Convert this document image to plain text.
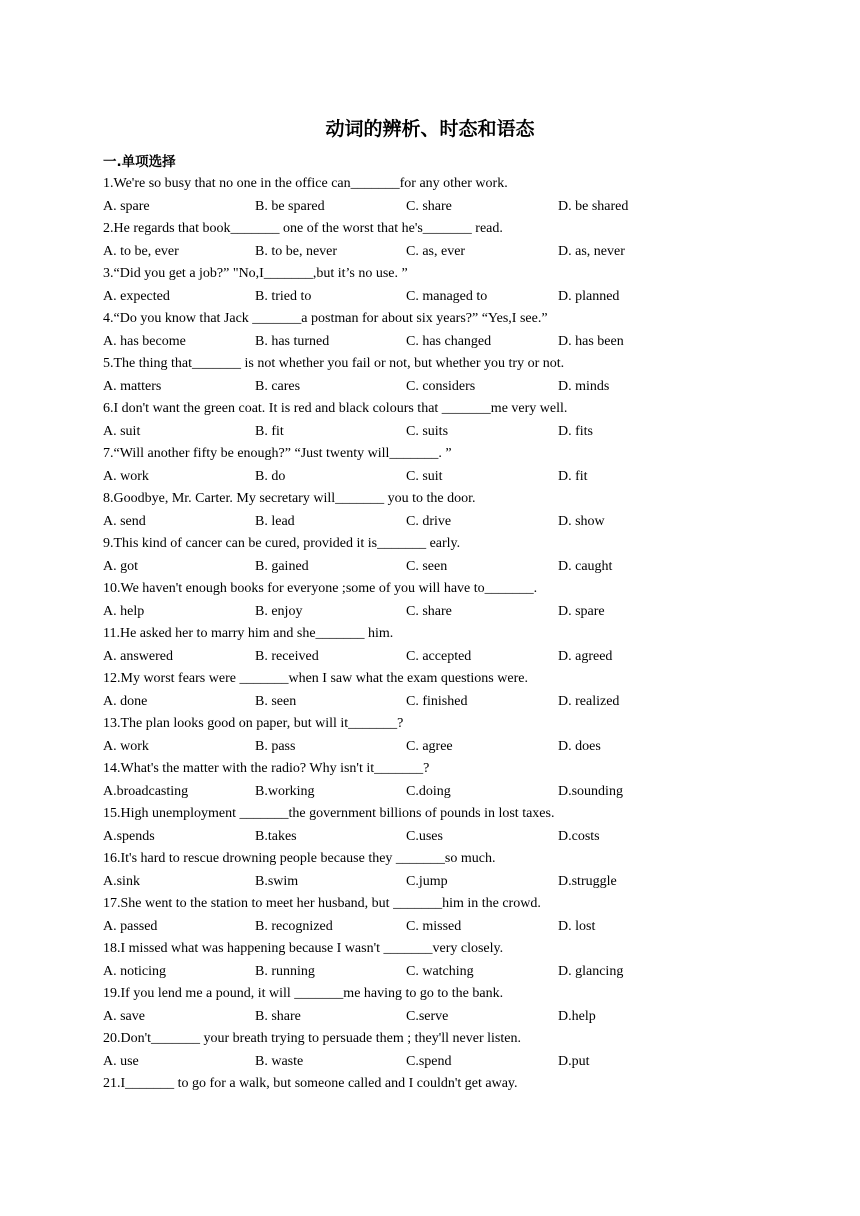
动词的辨析、时态和语态
一.单项选择
1.We're so busy that no one in the office can_______for any other work.
A. spare	B. be spared	C. share	D. be shared
2.He regards that book_______ one of the worst that he's_______ read.
A. to be, ever	B. to be, never	C. as, ever	D. as, never
3.“Did you get a job?” "No,I_______,but it’s no use. ”
A. expected	B. tried to	C. managed to	D. planned
4.“Do you know that Jack _______a postman for about six years?” “Yes,I see.”
A. has become	B. has turned	C. has changed	D. has been
5.The thing that_______ is not whether you fail or not, but whether you try or not.
A. matters	B. cares	C. considers	D. minds
6.I don't want the green coat. It is red and black colours that _______me very well.
A. suit	B. fit	C. suits	D. fits
7.“Will another fifty be enough?” “Just twenty will_______. ”
A. work	B. do	C. suit	D. fit
8.Goodbye, Mr. Carter. My secretary will_______ you to the door.
A. send	B. lead	C. drive	D. show
9.This kind of cancer can be cured, provided it is_______ early.
A. got	B. gained	C. seen	D. caught
10.We haven't enough books for everyone ;some of you will have to_______.
A. help	B. enjoy	C. share	D. spare
11.He asked her to marry him and she_______ him.
A. answered	B. received	C. accepted	D. agreed
12.My worst fears were _______when I saw what the exam questions were.
A. done	B. seen	C. finished	D. realized
13.The plan looks good on paper, but will it_______?
A. work	B. pass	C. agree	D. does
14.What's the matter with the radio? Why isn't it_______?
A.broadcasting	B.working	C.doing	D.sounding
15.High unemployment _______the government billions of pounds in lost taxes.
A.spends	B.takes	C.uses	D.costs
16.It's hard to rescue drowning people because they _______so much.
A.sink	B.swim	C.jump	D.struggle
17.She went to the station to meet her husband, but _______him in the crowd.
A. passed	B. recognized	C. missed	D. lost
18.I missed what was happening because I wasn't _______very closely.
A. noticing	B. running	C. watching	D. glancing
19.If you lend me a pound, it will _______me having to go to the bank.
A. save	B. share	C.serve	D.help
20.Don't_______ your breath trying to persuade them ; they'll never listen.
A. use	B. waste	C.spend	D.put
21.I_______ to go for a walk, but someone called and I couldn't get away.
